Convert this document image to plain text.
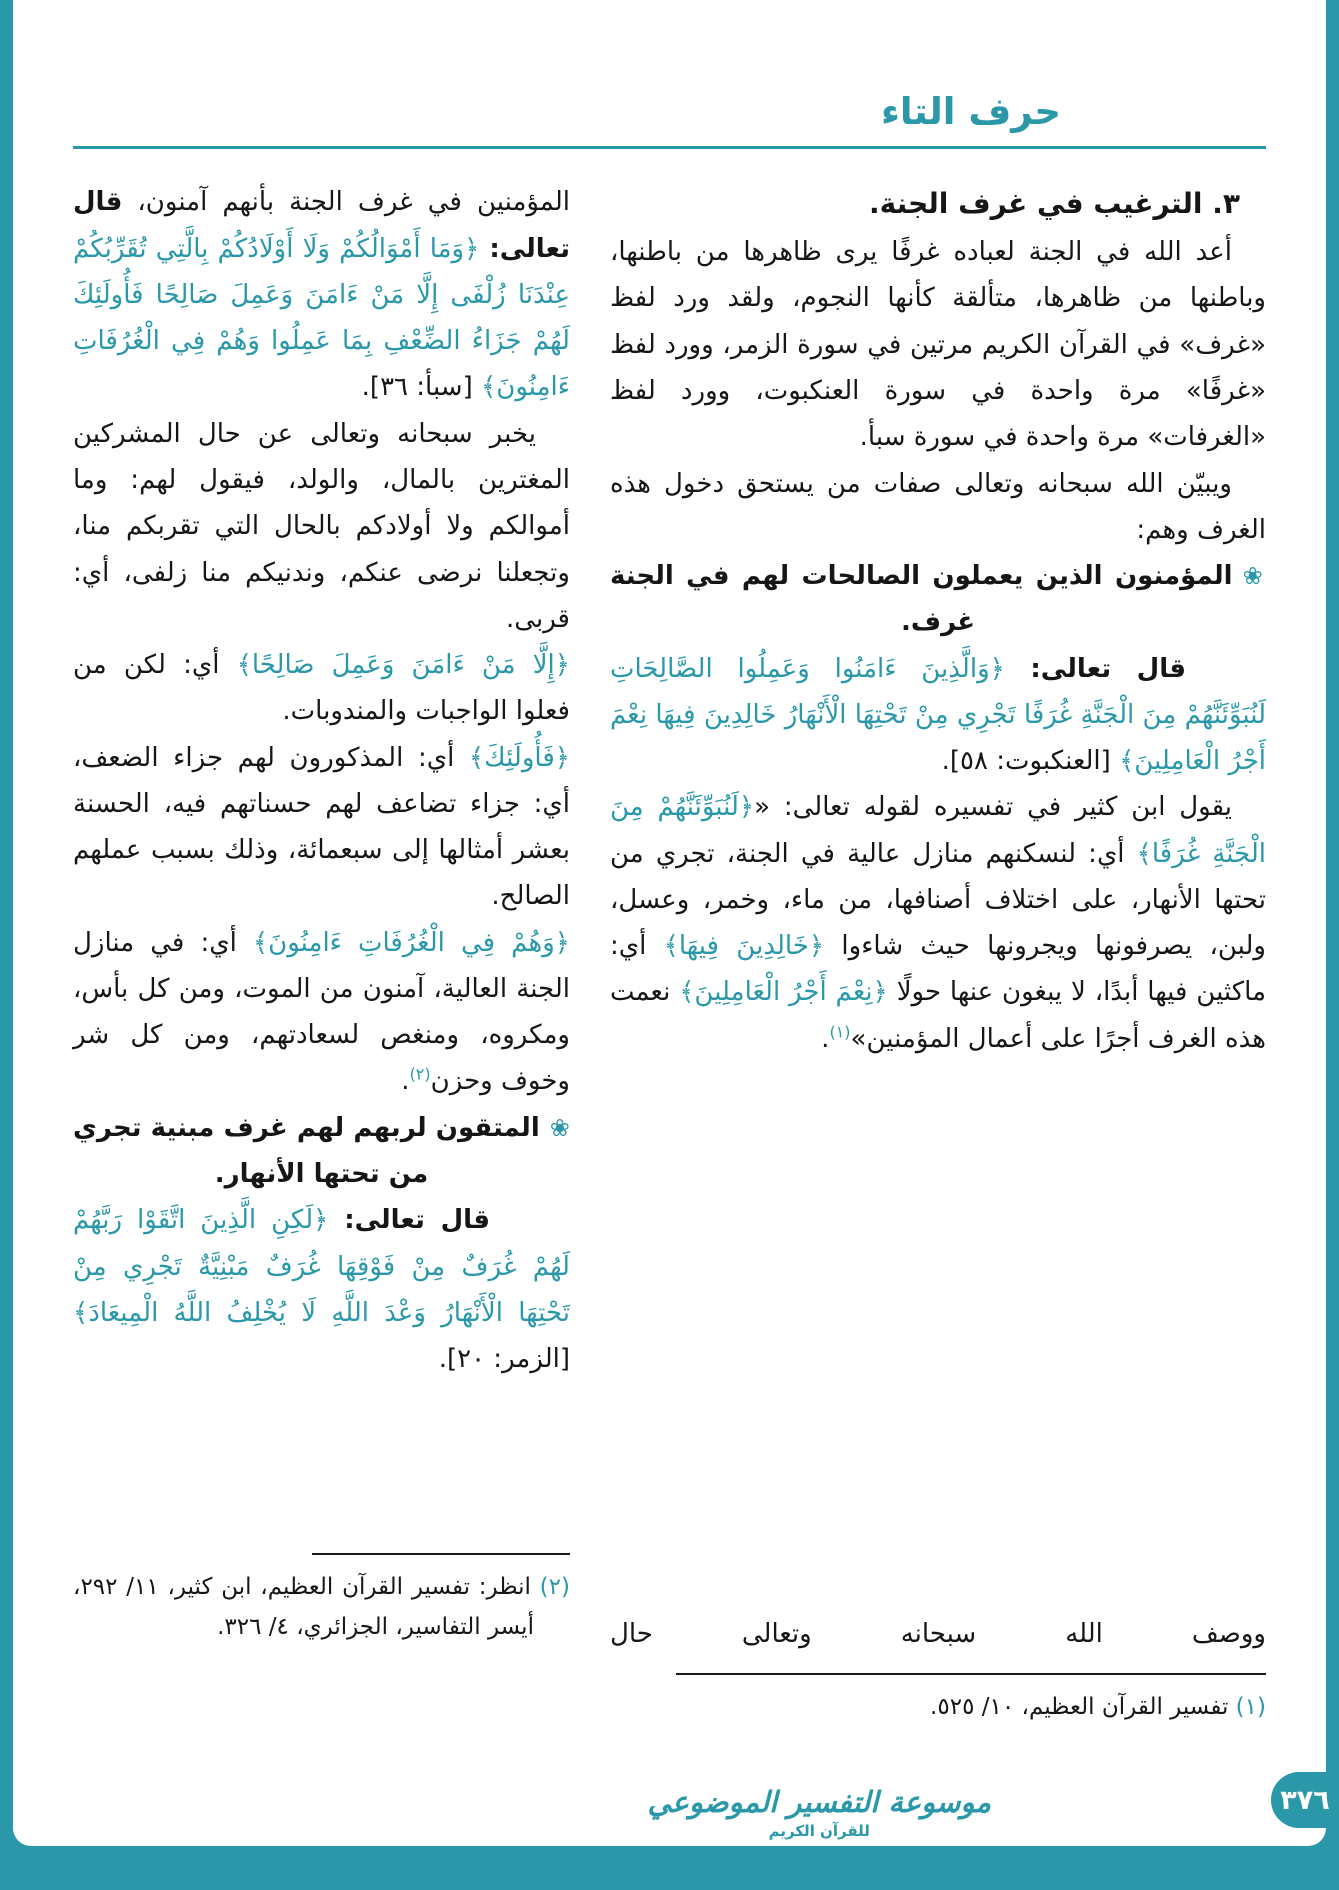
حرف التاء
٣. الترغيب في غرف الجنة.

أعد الله في الجنة لعباده غرفًا يرى ظاهرها من باطنها، وباطنها من ظاهرها، متألقة كأنها النجوم، ولقد ورد لفظ «غرف» في القرآن الكريم مرتين في سورة الزمر، وورد لفظ «غرفًا» مرة واحدة في سورة العنكبوت، وورد لفظ «الغرفات» مرة واحدة في سورة سبأ.

ويبيّن الله سبحانه وتعالى صفات من يستحق دخول هذه الغرف وهم:

❀المؤمنون الذين يعملون الصالحات لهم في الجنة غرف.

قال تعالى: ﴿وَالَّذِينَ ءَامَنُوا وَعَمِلُوا الصَّالِحَاتِ لَنُبَوِّئَنَّهُمْ مِنَ الْجَنَّةِ غُرَفًا تَجْرِي مِنْ تَحْتِهَا الْأَنْهَارُ خَالِدِينَ فِيهَا نِعْمَ أَجْرُ الْعَامِلِينَ﴾ [العنكبوت: ٥٨].

يقول ابن كثير في تفسيره لقوله تعالى: «﴿لَنُبَوِّئَنَّهُمْ مِنَ الْجَنَّةِ غُرَفًا﴾ أي: لنسكنهم منازل عالية في الجنة، تجري من تحتها الأنهار، على اختلاف أصنافها، من ماء، وخمر، وعسل، ولبن، يصرفونها ويجرونها حيث شاءوا ﴿خَالِدِينَ فِيهَا﴾ أي: ماكثين فيها أبدًا، لا يبغون عنها حولًا ﴿نِعْمَ أَجْرُ الْعَامِلِينَ﴾ نعمت هذه الغرف أجرًا على أعمال المؤمنين»$^{(١)}$.

ووصف الله سبحانه وتعالى حال

(١) تفسير القرآن العظيم، ١٠/ ٥٢٥.

المؤمنين في غرف الجنة بأنهم آمنون، قال تعالى: ﴿وَمَا أَمْوَالُكُمْ وَلَا أَوْلَادُكُمْ بِالَّتِي تُقَرِّبُكُمْ عِنْدَنَا زُلْفَى إِلَّا مَنْ ءَامَنَ وَعَمِلَ صَالِحًا فَأُولَئِكَ لَهُمْ جَزَاءُ الضِّعْفِ بِمَا عَمِلُوا وَهُمْ فِي الْغُرُفَاتِ ءَامِنُونَ﴾ [سبأ: ٣٦].

يخبر سبحانه وتعالى عن حال المشركين المغترين بالمال، والولد، فيقول لهم: وما أموالكم ولا أولادكم بالحال التي تقربكم منا، وتجعلنا نرضى عنكم، وندنيكم منا زلفى، أي: قربى.

﴿إِلَّا مَنْ ءَامَنَ وَعَمِلَ صَالِحًا﴾ أي: لكن من فعلوا الواجبات والمندوبات.

﴿فَأُولَئِكَ﴾ أي: المذكورون لهم جزاء الضعف، أي: جزاء تضاعف لهم حسناتهم فيه، الحسنة بعشر أمثالها إلى سبعمائة، وذلك بسبب عملهم الصالح.

﴿وَهُمْ فِي الْغُرُفَاتِ ءَامِنُونَ﴾ أي: في منازل الجنة العالية، آمنون من الموت، ومن كل بأس، ومكروه، ومنغص لسعادتهم، ومن كل شر وخوف وحزن$^{(٢)}$.

❀المتقون لربهم لهم غرف مبنية تجري من تحتها الأنهار.

قال تعالى: ﴿لَكِنِ الَّذِينَ اتَّقَوْا رَبَّهُمْ لَهُمْ غُرَفٌ مِنْ فَوْقِهَا غُرَفٌ مَبْنِيَّةٌ تَجْرِي مِنْ تَحْتِهَا الْأَنْهَارُ وَعْدَ اللَّهِ لَا يُخْلِفُ اللَّهُ الْمِيعَادَ﴾ [الزمر: ٢٠].

(٢) انظر: تفسير القرآن العظيم، ابن كثير، ١١/ ٢٩٢، أيسر التفاسير، الجزائري، ٤/ ٣٢٦.

موسوعة التفسير الموضوعي
للقرآن الكريم
٣٧٦
